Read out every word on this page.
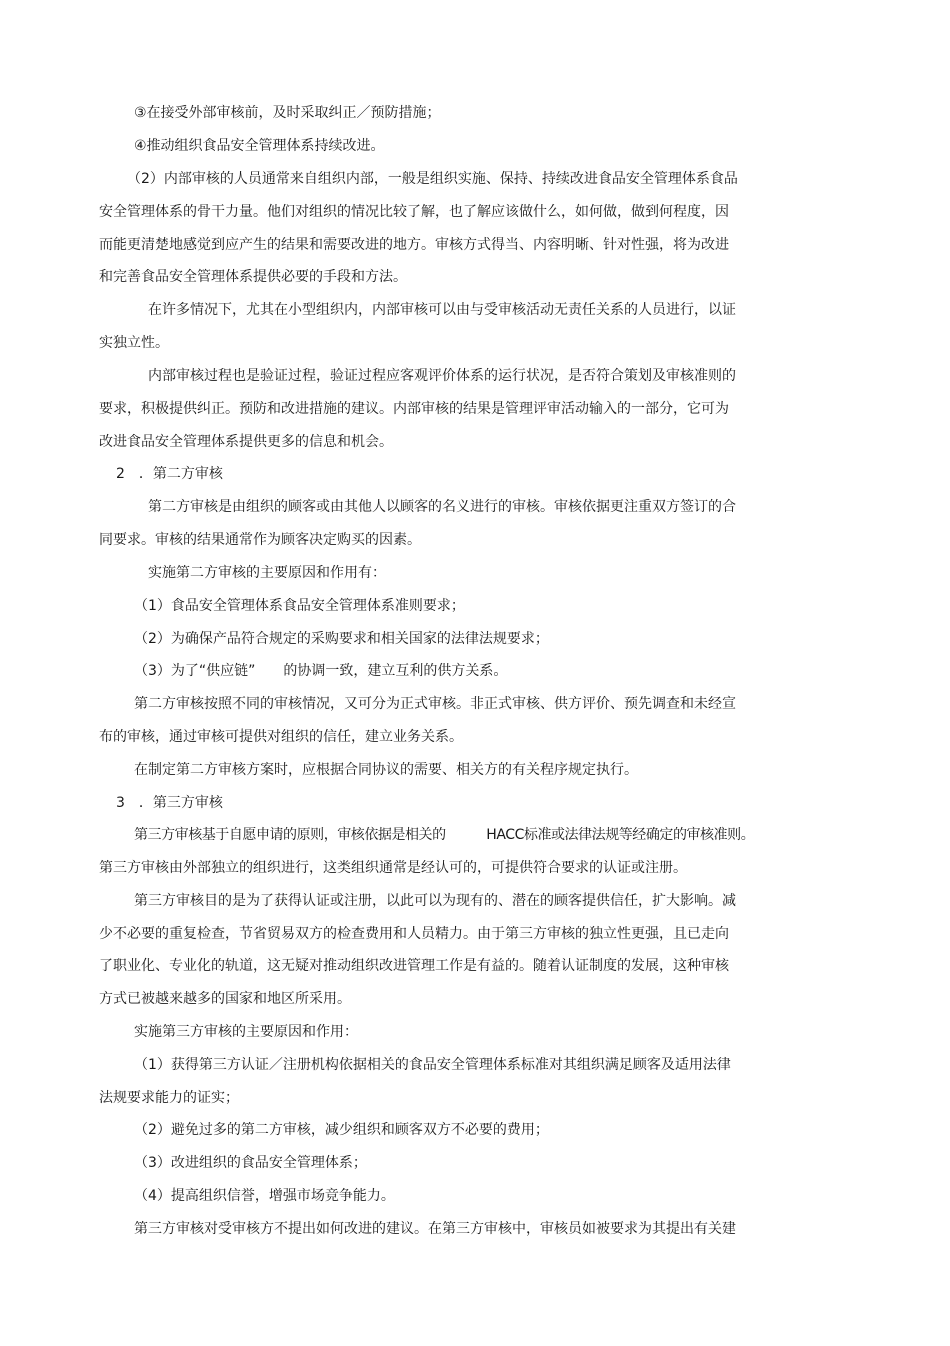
③在接受外部审核前，及时采取纠正／预防措施；
④推动组织食品安全管理体系持续改进。
（2）内部审核的人员通常来自组织内部，一般是组织实施、保持、持续改进食品安全管理体系食品
安全管理体系的骨干力量。他们对组织的情况比较了解，也了解应该做什么，如何做，做到何程度，因
而能更清楚地感觉到应产生的结果和需要改进的地方。审核方式得当、内容明晰、针对性强，将为改进
和完善食品安全管理体系提供必要的手段和方法。
在许多情况下，尤其在小型组织内，内部审核可以由与受审核活动无责任关系的人员进行，以证
实独立性。
内部审核过程也是验证过程，验证过程应客观评价体系的运行状况，是否符合策划及审核准则的
要求，积极提供纠正。预防和改进措施的建议。内部审核的结果是管理评审活动输入的一部分，它可为
改进食品安全管理体系提供更多的信息和机会。
2　．第二方审核
第二方审核是由组织的顾客或由其他人以顾客的名义进行的审核。审核依据更注重双方签订的合
同要求。审核的结果通常作为顾客决定购买的因素。
实施第二方审核的主要原因和作用有：
（1）食品安全管理体系食品安全管理体系准则要求；
（2）为确保产品符合规定的采购要求和相关国家的法律法规要求；
（3）为了“供应链”　　的协调一致，建立互利的供方关系。
第二方审核按照不同的审核情况，又可分为正式审核。非正式审核、供方评价、预先调查和未经宣
布的审核，通过审核可提供对组织的信任，建立业务关系。
在制定第二方审核方案时，应根据合同协议的需要、相关方的有关程序规定执行。
3　．第三方审核
第三方审核基于自愿申请的原则，审核依据是相关的　　　HACC标准或法律法规等经确定的审核准则。
第三方审核由外部独立的组织进行，这类组织通常是经认可的，可提供符合要求的认证或注册。
第三方审核目的是为了获得认证或注册，以此可以为现有的、潜在的顾客提供信任，扩大影响。减
少不必要的重复检查，节省贸易双方的检查费用和人员精力。由于第三方审核的独立性更强，且已走向
了职业化、专业化的轨道，这无疑对推动组织改进管理工作是有益的。随着认证制度的发展，这种审核
方式已被越来越多的国家和地区所采用。
实施第三方审核的主要原因和作用：
（1）获得第三方认证／注册机构依据相关的食品安全管理体系标准对其组织满足顾客及适用法律
法规要求能力的证实；
（2）避免过多的第二方审核，减少组织和顾客双方不必要的费用；
（3）改进组织的食品安全管理体系；
（4）提高组织信誉，增强市场竞争能力。
第三方审核对受审核方不提出如何改进的建议。在第三方审核中，审核员如被要求为其提出有关建
